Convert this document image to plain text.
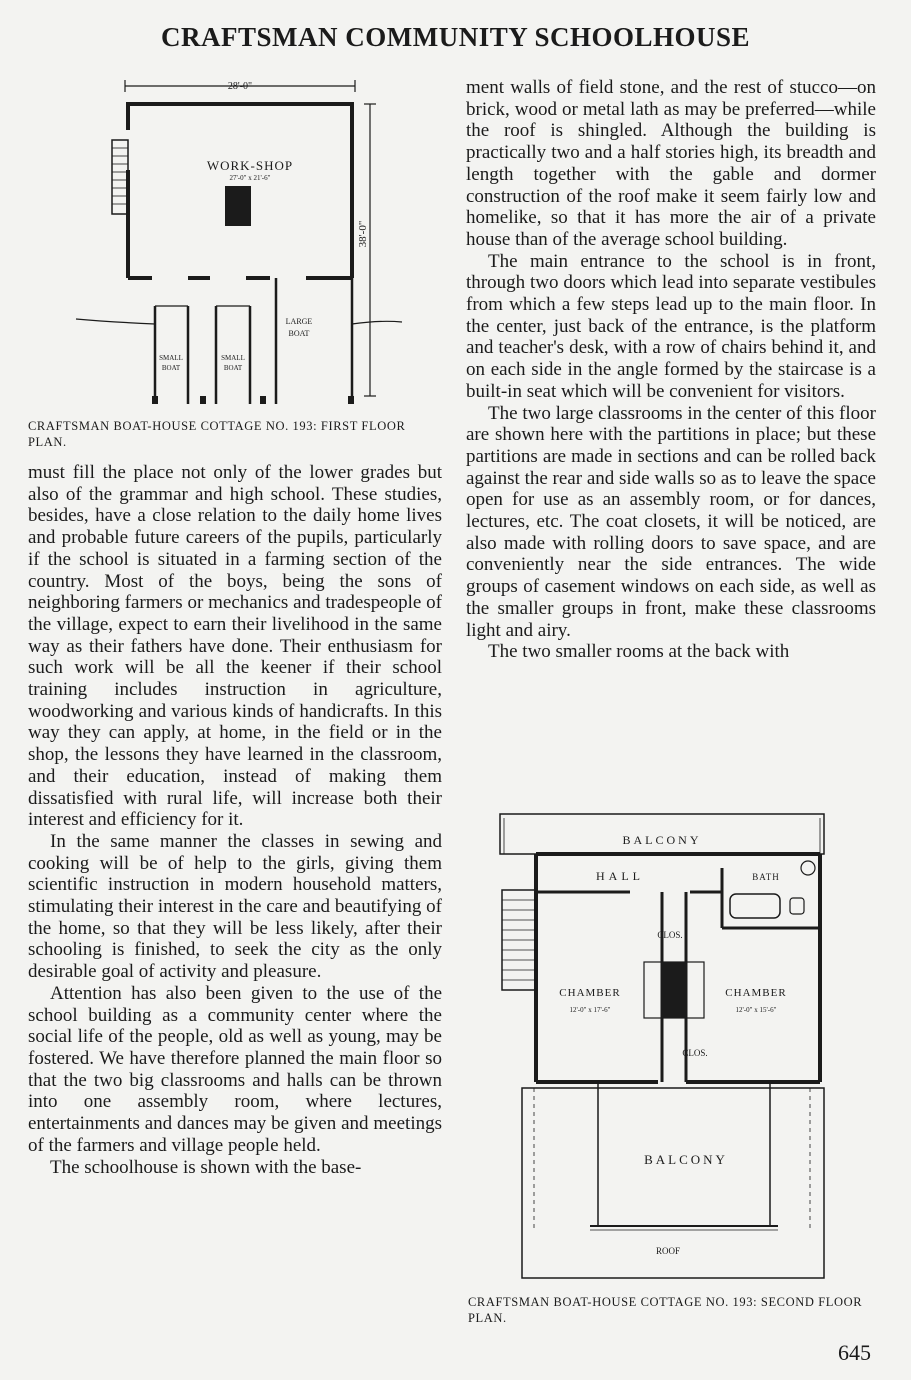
CRAFTSMAN COMMUNITY SCHOOLHOUSE
28'-0"
38'-0"
WORK-SHOP
27'-0" x 21'-6"
LARGE
BOAT
SMALL
BOAT
SMALL
BOAT
CRAFTSMAN BOAT-HOUSE COTTAGE NO. 193: FIRST FLOOR PLAN.

must fill the place not only of the lower grades but also of the grammar and high school. These studies, besides, have a close relation to the daily home lives and probable future careers of the pupils, particularly if the school is situated in a farming section of the country. Most of the boys, being the sons of neighboring farmers or mechanics and tradespeople of the village, expect to earn their livelihood in the same way as their fathers have done. Their enthusiasm for such work will be all the keener if their school training includes instruction in agriculture, woodworking and various kinds of handicrafts. In this way they can apply, at home, in the field or in the shop, the lessons they have learned in the classroom, and their education, instead of making them dissatisfied with rural life, will increase both their interest and efficiency for it.

In the same manner the classes in sewing and cooking will be of help to the girls, giving them scientific instruction in modern household matters, stimulating their interest in the care and beautifying of the home, so that they will be less likely, after their schooling is finished, to seek the city as the only desirable goal of activity and pleasure.

Attention has also been given to the use of the school building as a community center where the social life of the people, old as well as young, may be fostered. We have therefore planned the main floor so that the two big classrooms and halls can be thrown into one assembly room, where lectures, entertainments and dances may be given and meetings of the farmers and village people held.

The schoolhouse is shown with the base-

ment walls of field stone, and the rest of stucco—on brick, wood or metal lath as may be preferred—while the roof is shingled. Although the building is practically two and a half stories high, its breadth and length together with the gable and dormer construction of the roof make it seem fairly low and homelike, so that it has more the air of a private house than of the average school building.

The main entrance to the school is in front, through two doors which lead into separate vestibules from which a few steps lead up to the main floor. In the center, just back of the entrance, is the platform and teacher's desk, with a row of chairs behind it, and on each side in the angle formed by the staircase is a built-in seat which will be convenient for visitors.

The two large classrooms in the center of this floor are shown here with the partitions in place; but these partitions are made in sections and can be rolled back against the rear and side walls so as to leave the space open for use as an assembly room, or for dances, lectures, etc. The coat closets, it will be noticed, are also made with rolling doors to save space, and are conveniently near the side entrances. The wide groups of casement windows on each side, as well as the smaller groups in front, make these classrooms light and airy.

The two smaller rooms at the back with

BALCONY
HALL	BATH
CLOS.
CLOS.
CHAMBER
12'-0" x 17'-6"
CHAMBER
12'-0" x 15'-6"
BALCONY
ROOF
CRAFTSMAN BOAT-HOUSE COTTAGE NO. 193: SECOND FLOOR PLAN.
645
